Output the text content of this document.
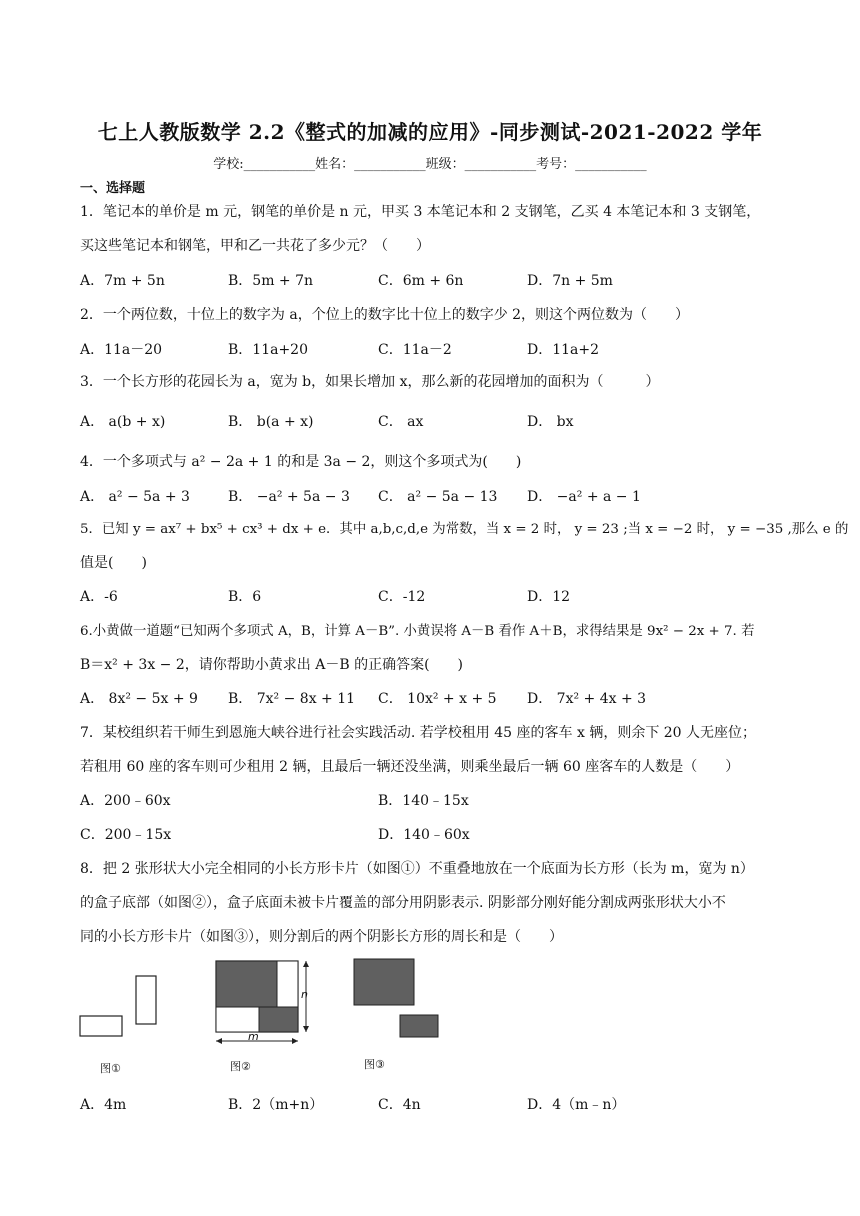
七上人教版数学 2.2《整式的加减的应用》-同步测试-2021-2022 学年
学校:___________姓名：___________班级：___________考号：___________
一、选择题
1．笔记本的单价是 m 元，钢笔的单价是 n 元，甲买 3 本笔记本和 2 支钢笔，乙买 4 本笔记本和 3 支钢笔，
买这些笔记本和钢笔，甲和乙一共花了多少元？（　　）
A．7m + 5n	B．5m + 7n	C．6m + 6n	D．7n + 5m
2．一个两位数，十位上的数字为 a，个位上的数字比十位上的数字少 2，则这个两位数为（　　）
A．11a－20	B．11a+20	C．11a－2	D．11a+2
3．一个长方形的花园长为 a，宽为 b，如果长增加 x，那么新的花园增加的面积为（　　　）
A． a(b + x)	B． b(a + x)	C． ax	D． bx
4．一个多项式与 a² − 2a + 1 的和是 3a − 2，则这个多项式为(　　)
A． a² − 5a + 3	B． −a² + 5a − 3 C． a² − 5a − 13 D． −a² + a − 1
5．已知 y = ax⁷ + bx⁵ + cx³ + dx + e．其中 a,b,c,d,e 为常数，当 x = 2 时， y = 23 ;当 x = −2 时， y = −35 ,那么 e 的
值是(　　)
A．-6	B．6	C．-12	D．12
6.小黄做一道题“已知两个多项式 A，B，计算 A－B”. 小黄误将 A－B 看作 A＋B，求得结果是 9x² − 2x + 7. 若
B＝x² + 3x − 2，请你帮助小黄求出 A－B 的正确答案(　　)
A． 8x² − 5x + 9 B． 7x² − 8x + 11 C． 10x² + x + 5 D． 7x² + 4x + 3
7．某校组织若干师生到恩施大峡谷进行社会实践活动. 若学校租用 45 座的客车 x 辆，则余下 20 人无座位；
若租用 60 座的客车则可少租用 2 辆，且最后一辆还没坐满，则乘坐最后一辆 60 座客车的人数是（　　）
A．200﹣60x	B．140﹣15x
C．200﹣15x	D．140﹣60x
8．把 2 张形状大小完全相同的小长方形卡片（如图①）不重叠地放在一个底面为长方形（长为 m，宽为 n）
的盒子底部（如图②），盒子底面未被卡片覆盖的部分用阴影表示. 阴影部分刚好能分割成两张形状大小不
同的小长方形卡片（如图③），则分割后的两个阴影长方形的周长和是（　　）
图①
n
m
图②	图③
A．4m	B．2（m+n）	C．4n	D．4（m﹣n）
